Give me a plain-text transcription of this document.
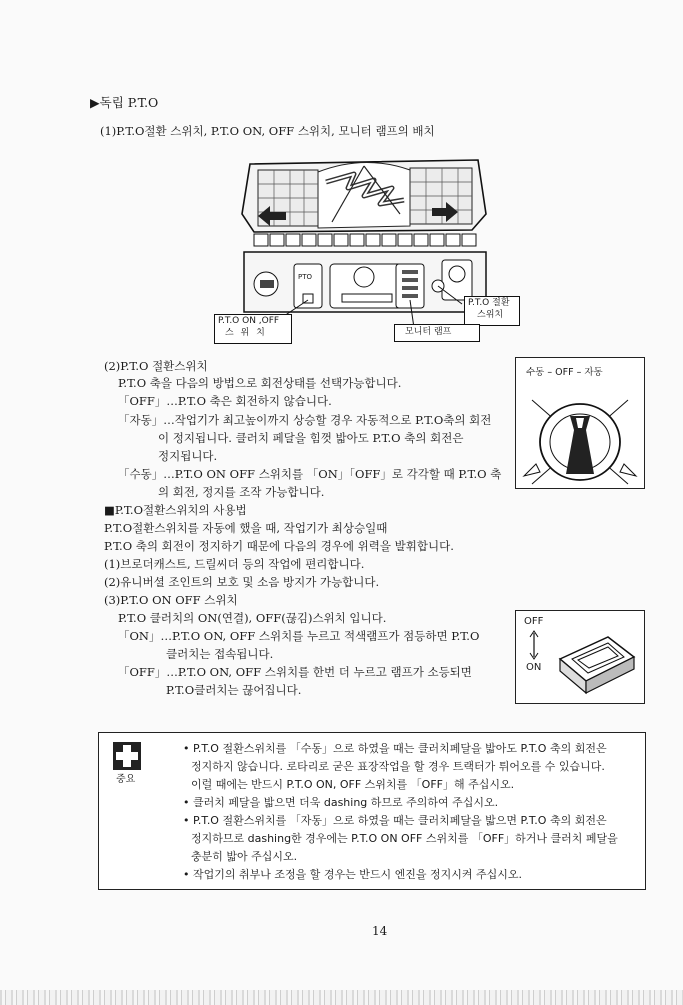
▶독립 P.T.O
(1)P.T.O절환 스위치, P.T.O ON, OFF 스위치, 모니터 램프의 배치
PTO
P.T.O ON ,OFF
스 위 치
P.T.O 절환
스위치
모니터 램프
(2)P.T.O 절환스위치
P.T.O 축을 다음의 방법으로 회전상태를 선택가능합니다.
「OFF」…P.T.O 축은 회전하지 않습니다.
「자동」…작업기가 최고높이까지 상승할 경우 자동적으로 P.T.O축의 회전
이 정지됩니다. 클러치 페달을 힘껏 밟아도 P.T.O 축의 회전은
정지됩니다.
「수동」…P.T.O ON OFF 스위치를 「ON」「OFF」로 각각할 때 P.T.O 축
의 회전, 정지를 조작 가능합니다.
수동 – OFF – 자동
■P.T.O절환스위치의 사용법
P.T.O절환스위치를 자동에 했을 때, 작업기가 최상승일때
P.T.O 축의 회전이 정지하기 때문에 다음의 경우에 위력을 발휘합니다.
(1)브로더캐스트, 드릴씨더 등의 작업에 편리합니다.
(2)유니버셜 조인트의 보호 및 소음 방지가 가능합니다.
(3)P.T.O ON OFF 스위치
P.T.O 클러치의 ON(연결), OFF(끊김)스위치 입니다.
「ON」…P.T.O ON, OFF 스위치를 누르고 적색램프가 점등하면 P.T.O
클러치는 접속됩니다.
「OFF」…P.T.O ON, OFF 스위치를 한번 더 누르고 램프가 소등되면
P.T.O클러치는 끊어집니다.
OFF
ON
중요
• P.T.O 절환스위치를 「수동」으로 하였을 때는 클러치페달을 밟아도 P.T.O 축의 회전은
정지하지 않습니다. 로타리로 굳은 표장작업을 할 경우 트랙터가 튀어오를 수 있습니다.
이럴 때에는 반드시 P.T.O ON, OFF 스위치를 「OFF」해 주십시오.
• 클러치 페달을 밟으면 더욱 dashing 하므로 주의하여 주십시오.
• P.T.O 절환스위치를 「자동」으로 하였을 때는 클러치페달을 밟으면 P.T.O 축의 회전은
정지하므로 dashing한 경우에는 P.T.O ON OFF 스위치를 「OFF」하거나 클러치 페달을
충분히 밟아 주십시오.
• 작업기의 취부나 조정을 할 경우는 반드시 엔진을 정지시켜 주십시오.
14
